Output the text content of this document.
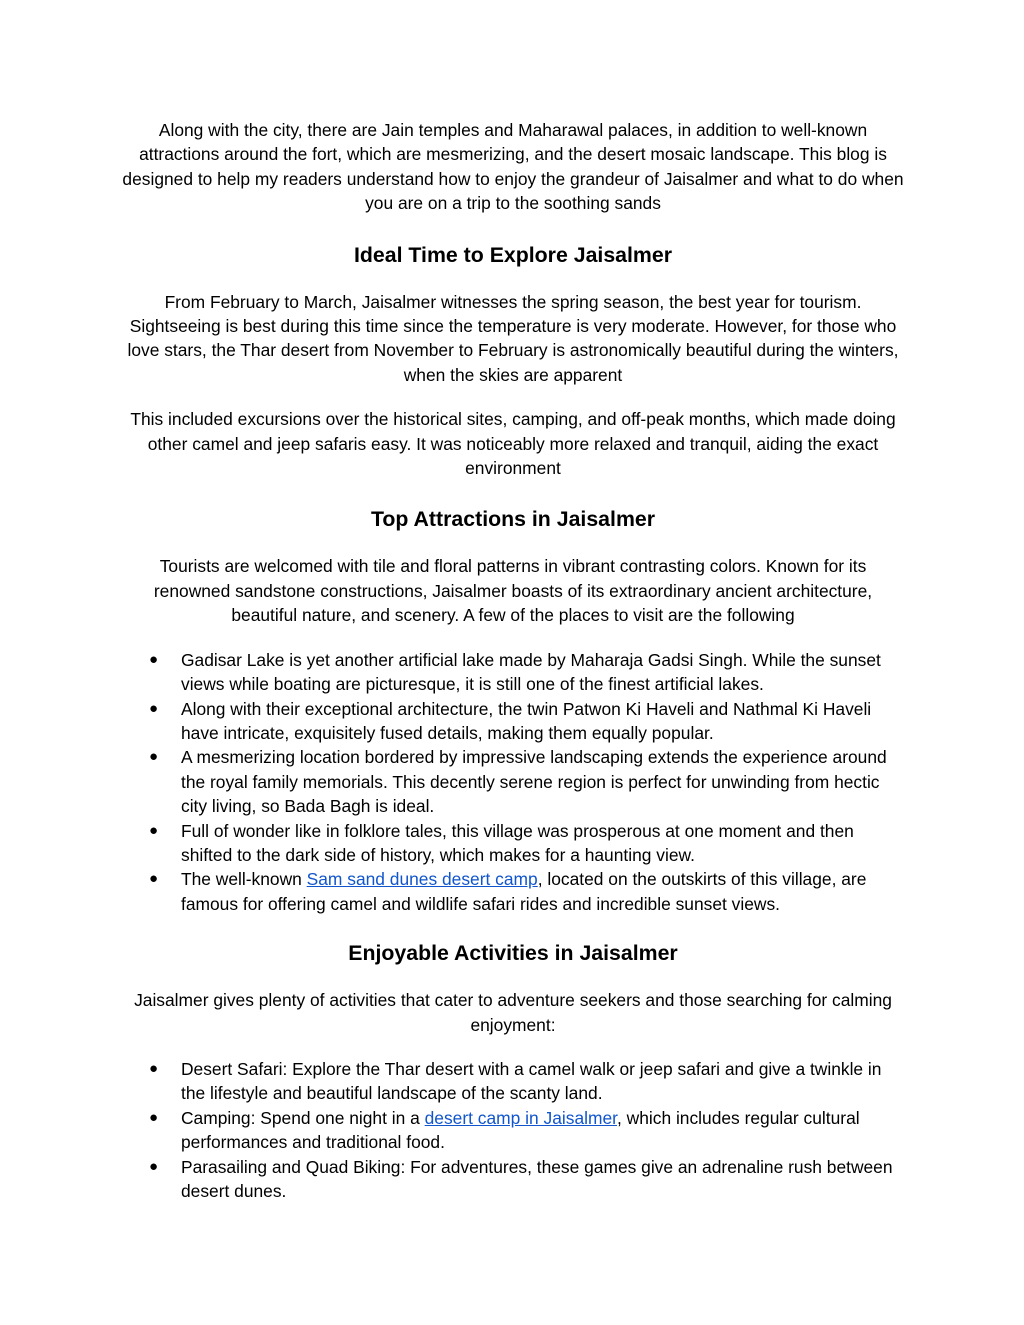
Along with the city, there are Jain temples and Maharawal palaces, in addition to well-known attractions around the fort, which are mesmerizing, and the desert mosaic landscape. This blog is designed to help my readers understand how to enjoy the grandeur of Jaisalmer and what to do when you are on a trip to the soothing sands

Ideal Time to Explore Jaisalmer

From February to March, Jaisalmer witnesses the spring season, the best year for tourism. Sightseeing is best during this time since the temperature is very moderate. However, for those who love stars, the Thar desert from November to February is astronomically beautiful during the winters, when the skies are apparent

This included excursions over the historical sites, camping, and off-peak months, which made doing other camel and jeep safaris easy. It was noticeably more relaxed and tranquil, aiding the exact environment

Top Attractions in Jaisalmer

Tourists are welcomed with tile and floral patterns in vibrant contrasting colors. Known for its renowned sandstone constructions, Jaisalmer boasts of its extraordinary ancient architecture, beautiful nature, and scenery. A few of the places to visit are the following

● Gadisar Lake is yet another artificial lake made by Maharaja Gadsi Singh. While the sunset views while boating are picturesque, it is still one of the finest artificial lakes.
● Along with their exceptional architecture, the twin Patwon Ki Haveli and Nathmal Ki Haveli have intricate, exquisitely fused details, making them equally popular.
● A mesmerizing location bordered by impressive landscaping extends the experience around the royal family memorials. This decently serene region is perfect for unwinding from hectic city living, so Bada Bagh is ideal.
● Full of wonder like in folklore tales, this village was prosperous at one moment and then shifted to the dark side of history, which makes for a haunting view.
● The well-known Sam sand dunes desert camp, located on the outskirts of this village, are famous for offering camel and wildlife safari rides and incredible sunset views.
Enjoyable Activities in Jaisalmer

Jaisalmer gives plenty of activities that cater to adventure seekers and those searching for calming enjoyment:

● Desert Safari: Explore the Thar desert with a camel walk or jeep safari and give a twinkle in the lifestyle and beautiful landscape of the scanty land.
● Camping: Spend one night in a desert camp in Jaisalmer, which includes regular cultural performances and traditional food.
● Parasailing and Quad Biking: For adventures, these games give an adrenaline rush between desert dunes.
